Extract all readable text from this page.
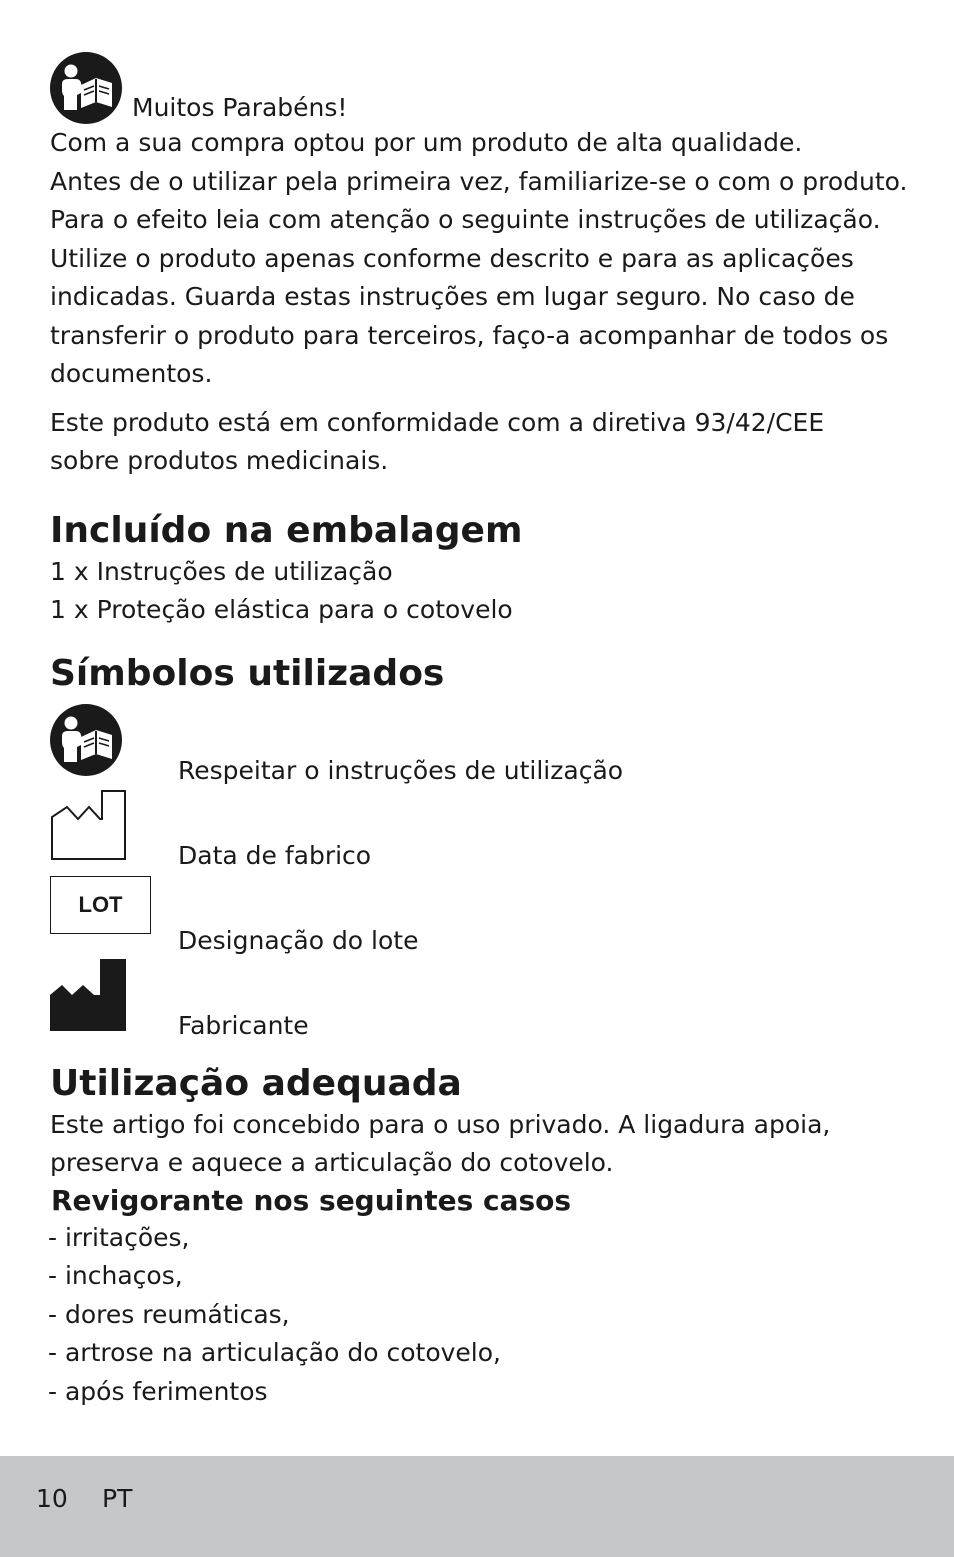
Muitos Parabéns!
Com a sua compra optou por um produto de alta qualidade.
Antes de o utilizar pela primeira vez, familiarize-se o com o produto.
Para o efeito leia com atenção o seguinte instruções de utilização.
Utilize o produto apenas conforme descrito e para as aplicações
indicadas. Guarda estas instruções em lugar seguro. No caso de
transferir o produto para terceiros, faço-a acompanhar de todos os
documentos.
Este produto está em conformidade com a diretiva 93/42/CEE
sobre produtos medicinais.
Incluído na embalagem
1 x Instruções de utilização
1 x Proteção elástica para o cotovelo
Símbolos utilizados
Respeitar o instruções de utilização
Data de fabrico
LOT
Designação do lote
Fabricante
Utilização adequada
Este artigo foi concebido para o uso privado. A ligadura apoia,
preserva e aquece a articulação do cotovelo.
Revigorante nos seguintes casos
- irritações,
- inchaços,
- dores reumáticas,
- artrose na articulação do cotovelo,
- após ferimentos
10 PT
